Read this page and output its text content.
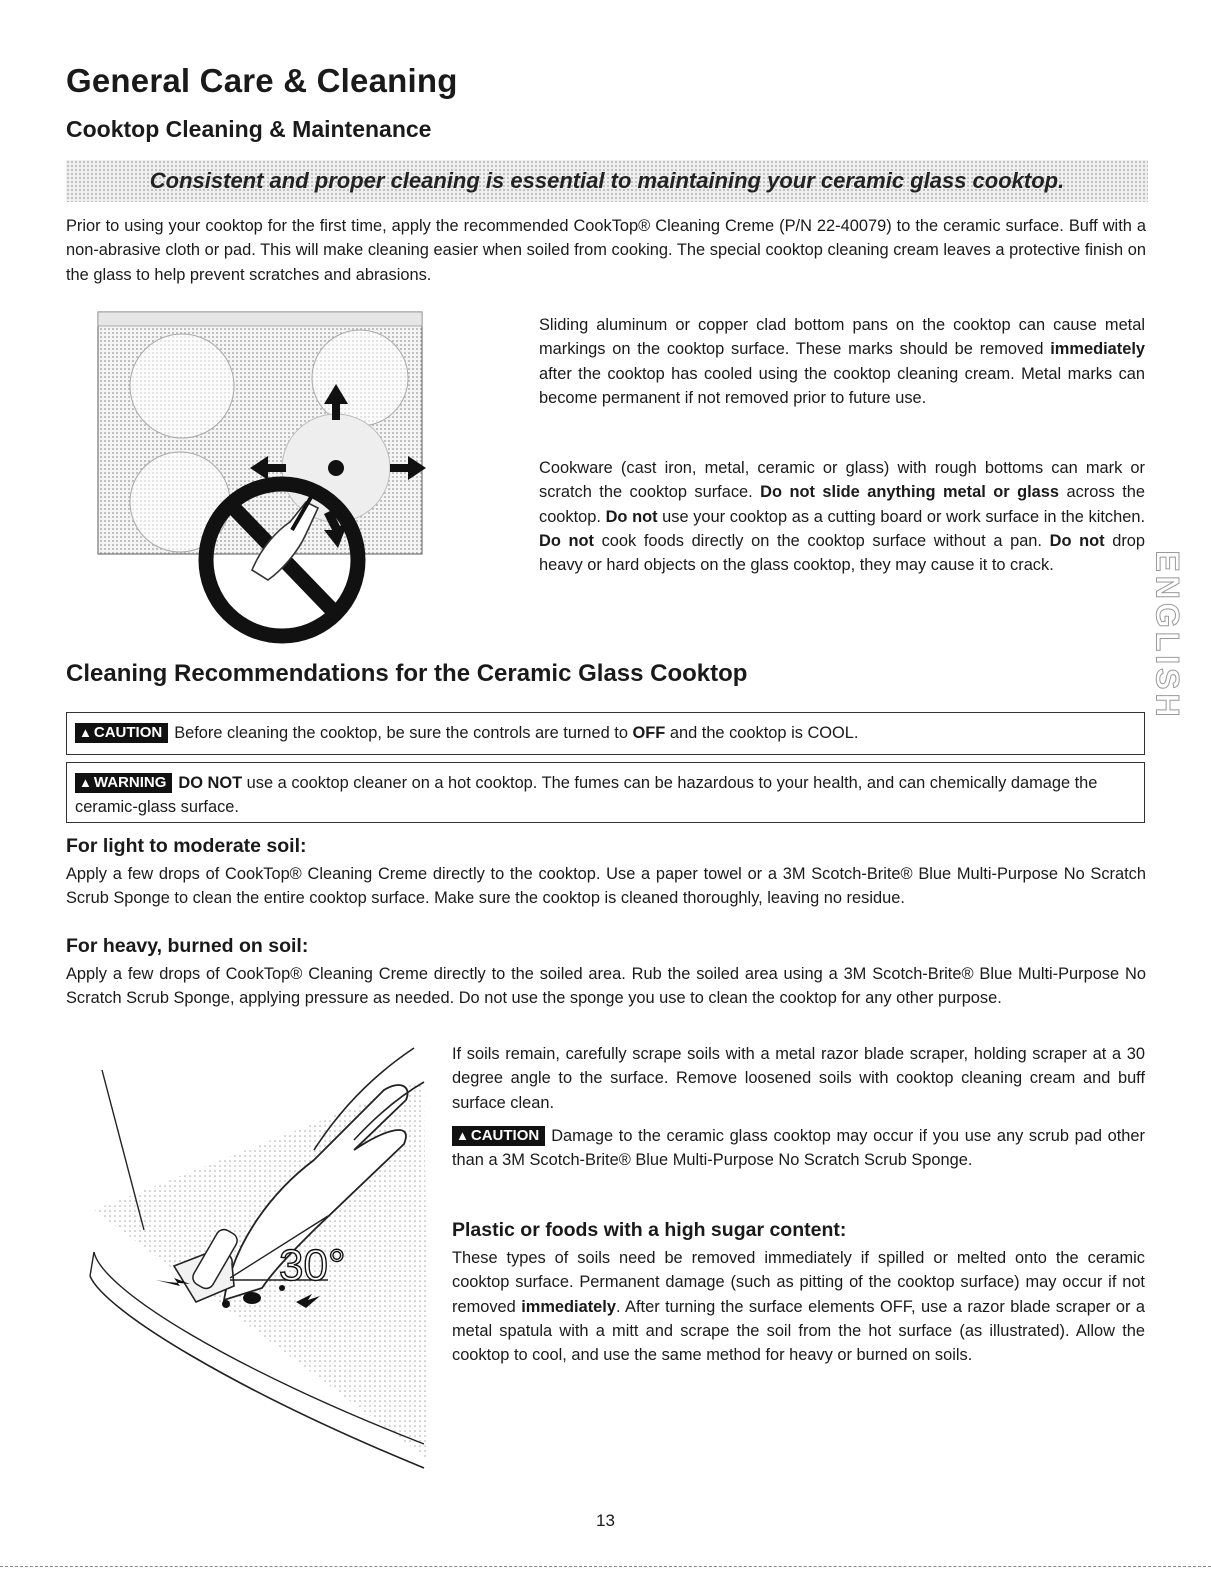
General Care & Cleaning
Cooktop Cleaning & Maintenance
Consistent and proper cleaning is essential to maintaining your ceramic glass cooktop.

Prior to using your cooktop for the first time, apply the recommended CookTop® Cleaning Creme (P/N 22-40079) to the ceramic surface. Buff with a non-abrasive cloth or pad. This will make cleaning easier when soiled from cooking. The special cooktop cleaning cream leaves a protective finish on the glass to help prevent scratches and abrasions.

Sliding aluminum or copper clad bottom pans on the cooktop can cause metal markings on the cooktop surface. These marks should be removed immediately after the cooktop has cooled using the cooktop cleaning cream. Metal marks can become permanent if not removed prior to future use.

Cookware (cast iron, metal, ceramic or glass) with rough bottoms can mark or scratch the cooktop surface. Do not slide anything metal or glass across the cooktop. Do not use your cooktop as a cutting board or work surface in the kitchen. Do not cook foods directly on the cooktop surface without a pan. Do not drop heavy or hard objects on the glass cooktop, they may cause it to crack.	ENGLISH
Cleaning Recommendations for the Ceramic Glass Cooktop
▲ CAUTION Before cleaning the cooktop, be sure the controls are turned to OFF and the cooktop is COOL.
▲ WARNING DO NOT use a cooktop cleaner on a hot cooktop. The fumes can be hazardous to your health, and can chemically damage the ceramic-glass surface.
For light to moderate soil:

Apply a few drops of CookTop® Cleaning Creme directly to the cooktop. Use a paper towel or a 3M Scotch-Brite® Blue Multi-Purpose No Scratch Scrub Sponge to clean the entire cooktop surface. Make sure the cooktop is cleaned thoroughly, leaving no residue.

For heavy, burned on soil:

Apply a few drops of CookTop® Cleaning Creme directly to the soiled area. Rub the soiled area using a 3M Scotch-Brite® Blue Multi-Purpose No Scratch Scrub Sponge, applying pressure as needed. Do not use the sponge you use to clean the cooktop for any other purpose.

30°

If soils remain, carefully scrape soils with a metal razor blade scraper, holding scraper at a 30 degree angle to the surface. Remove loosened soils with cooktop cleaning cream and buff surface clean.

▲ CAUTION Damage to the ceramic glass cooktop may occur if you use any scrub pad other than a 3M Scotch-Brite® Blue Multi-Purpose No Scratch Scrub Sponge.

Plastic or foods with a high sugar content:

These types of soils need be removed immediately if spilled or melted onto the ceramic cooktop surface. Permanent damage (such as pitting of the cooktop surface) may occur if not removed immediately. After turning the surface elements OFF, use a razor blade scraper or a metal spatula with a mitt and scrape the soil from the hot surface (as illustrated). Allow the cooktop to cool, and use the same method for heavy or burned on soils.

13
